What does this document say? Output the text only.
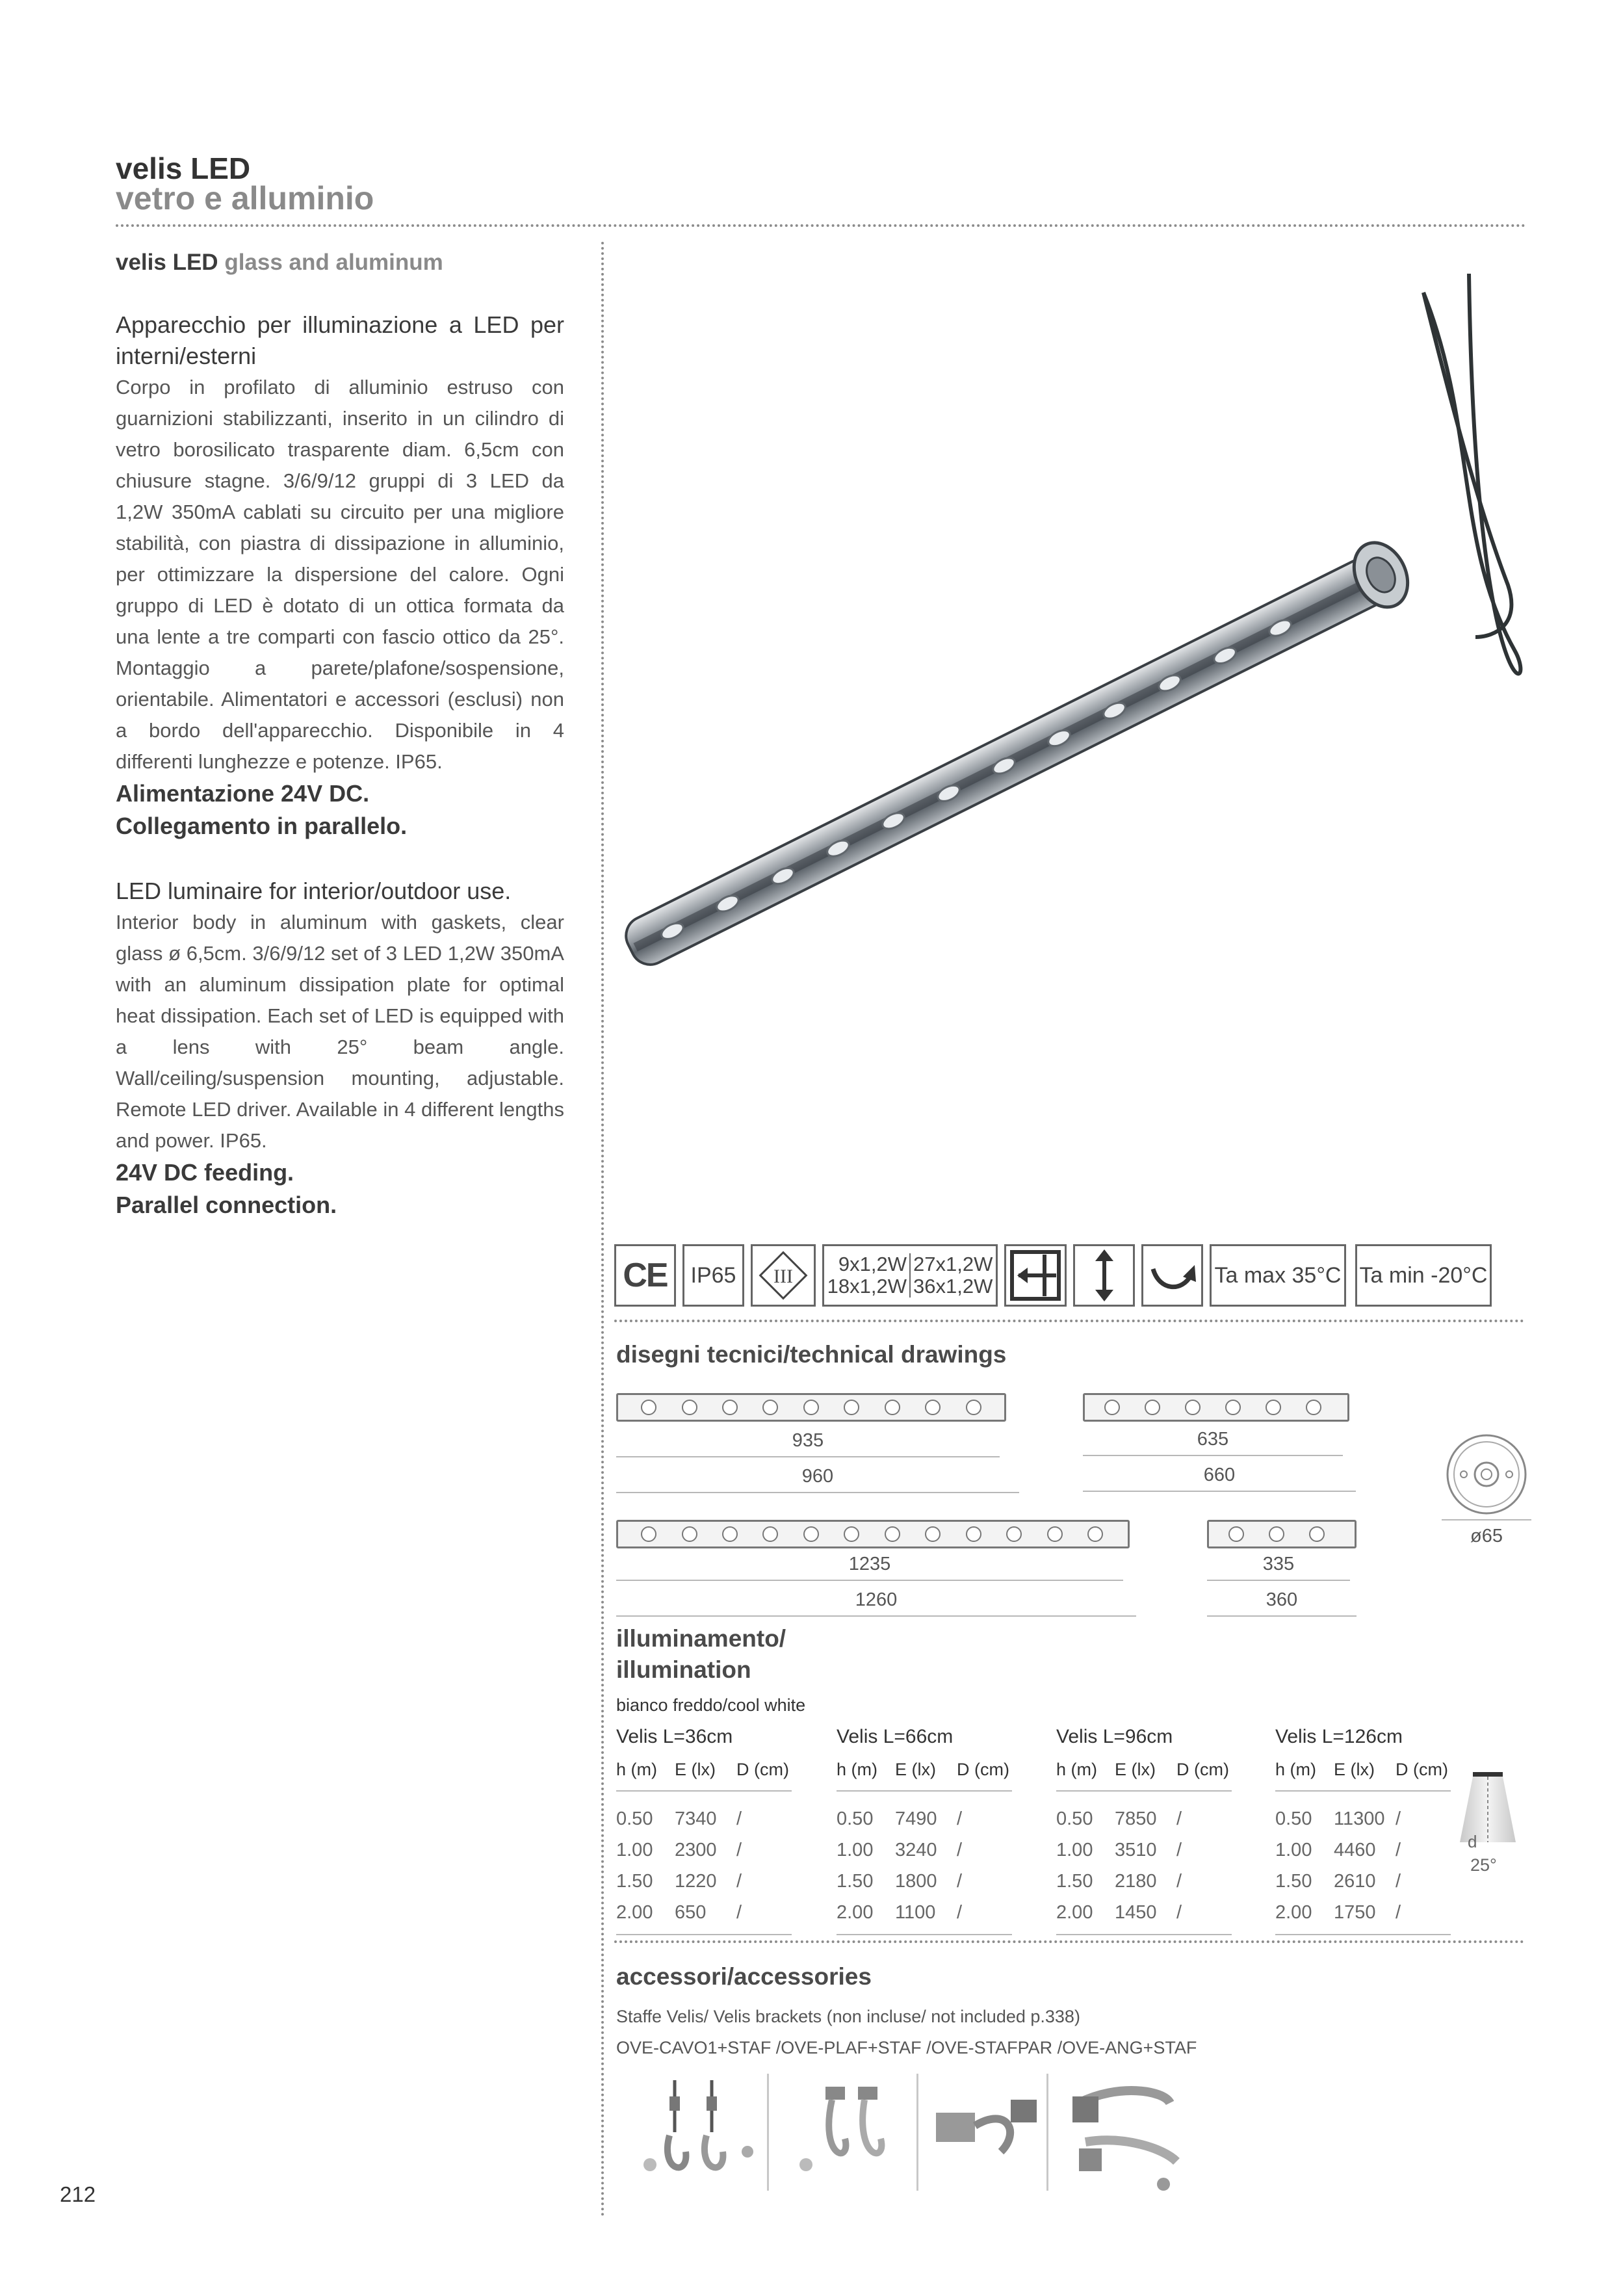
velis LED
vetro e alluminio
velis LED glass and aluminum
Apparecchio per illuminazione a LED per interni/esterni
Corpo in profilato di alluminio estruso con guarnizioni stabilizzanti, inserito in un cilindro di vetro borosilicato trasparente diam. 6,5cm con chiusure stagne. 3/6/9/12 gruppi di 3 LED da 1,2W 350mA cablati su circuito per una migliore stabilità, con piastra di dissipazione in alluminio, per ottimizzare la dispersione del calore. Ogni gruppo di LED è dotato di un ottica formata da una lente a tre comparti con fascio ottico da 25°. Montaggio a parete/plafone/sospensione, orientabile. Alimentatori e accessori (esclusi) non a bordo dell'apparecchio. Disponibile in 4 differenti lunghezze e potenze. IP65.
Alimentazione 24V DC.
Collegamento in parallelo.
LED luminaire for interior/outdoor use.
Interior body in aluminum with gaskets, clear glass ø 6,5cm. 3/6/9/12 set of 3 LED 1,2W 350mA with an aluminum dissipation plate for optimal heat dissipation. Each set of LED is equipped with a lens with 25° beam angle. Wall/ceiling/suspension mounting, adjustable. Remote LED driver. Available in 4 different lengths and power. IP65.
24V DC feeding.
Parallel connection.
CE IP65 III
9x1,2W 27x1,2W
18x1,2W 36x1,2W	Ta max 35°C Ta min -20°C
disegni tecnici/technical drawings
935
960
635
660
ø65
1235
1260
335
360
illuminamento/
illumination
bianco freddo/cool white
Velis L=36cm
h (m)	E (lx)	D (cm)
0.50	7340	/
1.00	2300	/
1.50	1220	/
2.00	650	/
Velis L=66cm
h (m)	E (lx)	D (cm)
0.50	7490	/
1.00	3240	/
1.50	1800	/
2.00	1100	/
Velis L=96cm
h (m)	E (lx)	D (cm)
0.50	7850	/
1.00	3510	/
1.50	2180	/
2.00	1450	/
Velis L=126cm
h (m)	E (lx)	D (cm)
0.50	11300 /
1.00	4460	/
1.50	2610	/
2.00	1750	/
d
25°
accessori/accessories
Staffe Velis/ Velis brackets (non incluse/ not included p.338)
OVE-CAVO1+STAF /OVE-PLAF+STAF /OVE-STAFPAR /OVE-ANG+STAF
212
